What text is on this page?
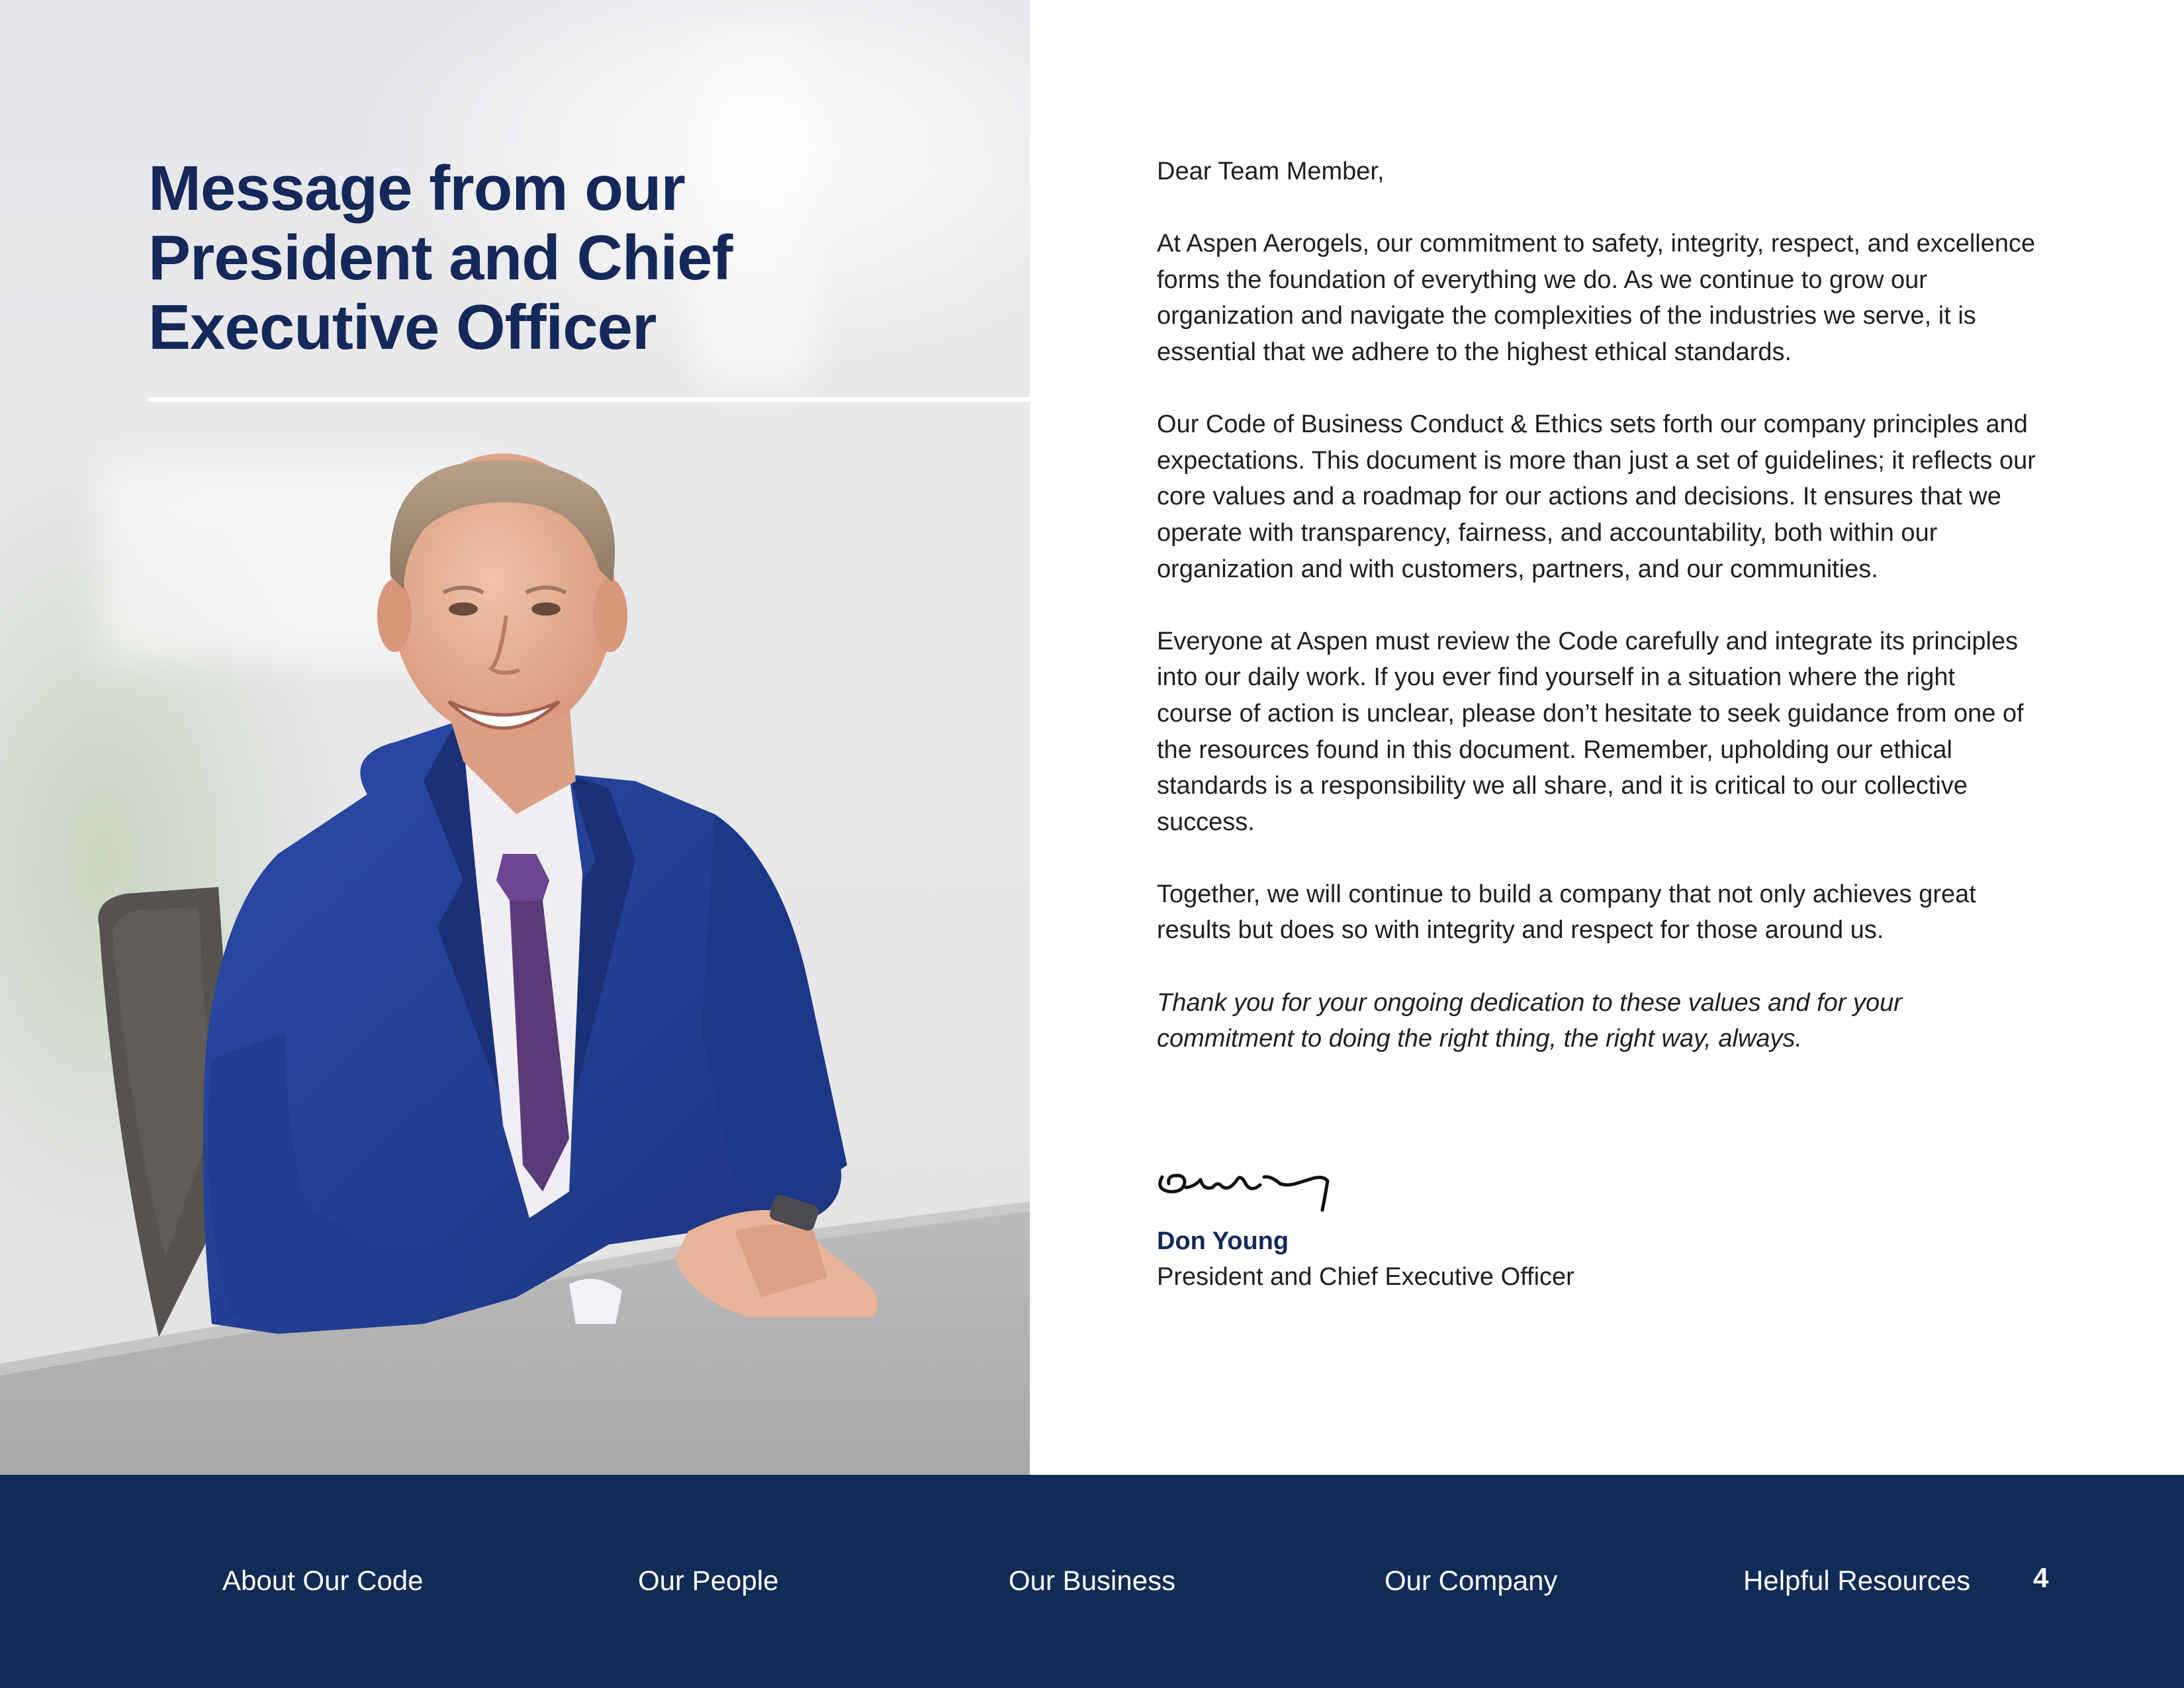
Message from our
President and Chief
Executive Officer

Dear Team Member,

At Aspen Aerogels, our commitment to safety, integrity, respect, and excellence forms the foundation of everything we do. As we continue to grow our organization and navigate the complexities of the industries we serve, it is essential that we adhere to the highest ethical standards.

Our Code of Business Conduct & Ethics sets forth our company principles and expectations. This document is more than just a set of guidelines; it reflects our core values and a roadmap for our actions and decisions. It ensures that we operate with transparency, fairness, and accountability, both within our organization and with customers, partners, and our communities.

Everyone at Aspen must review the Code carefully and integrate its principles into our daily work. If you ever find yourself in a situation where the right course of action is unclear, please don’t hesitate to seek guidance from one of the resources found in this document. Remember, upholding our ethical standards is a responsibility we all share, and it is critical to our collective success.

Together, we will continue to build a company that not only achieves great results but does so with integrity and respect for those around us.

Thank you for your ongoing dedication to these values and for your commitment to doing the right thing, the right way, always.

Don Young
President and Chief Executive Officer
About Our Code	Our People	Our Business	Our Company	Helpful Resources 4
